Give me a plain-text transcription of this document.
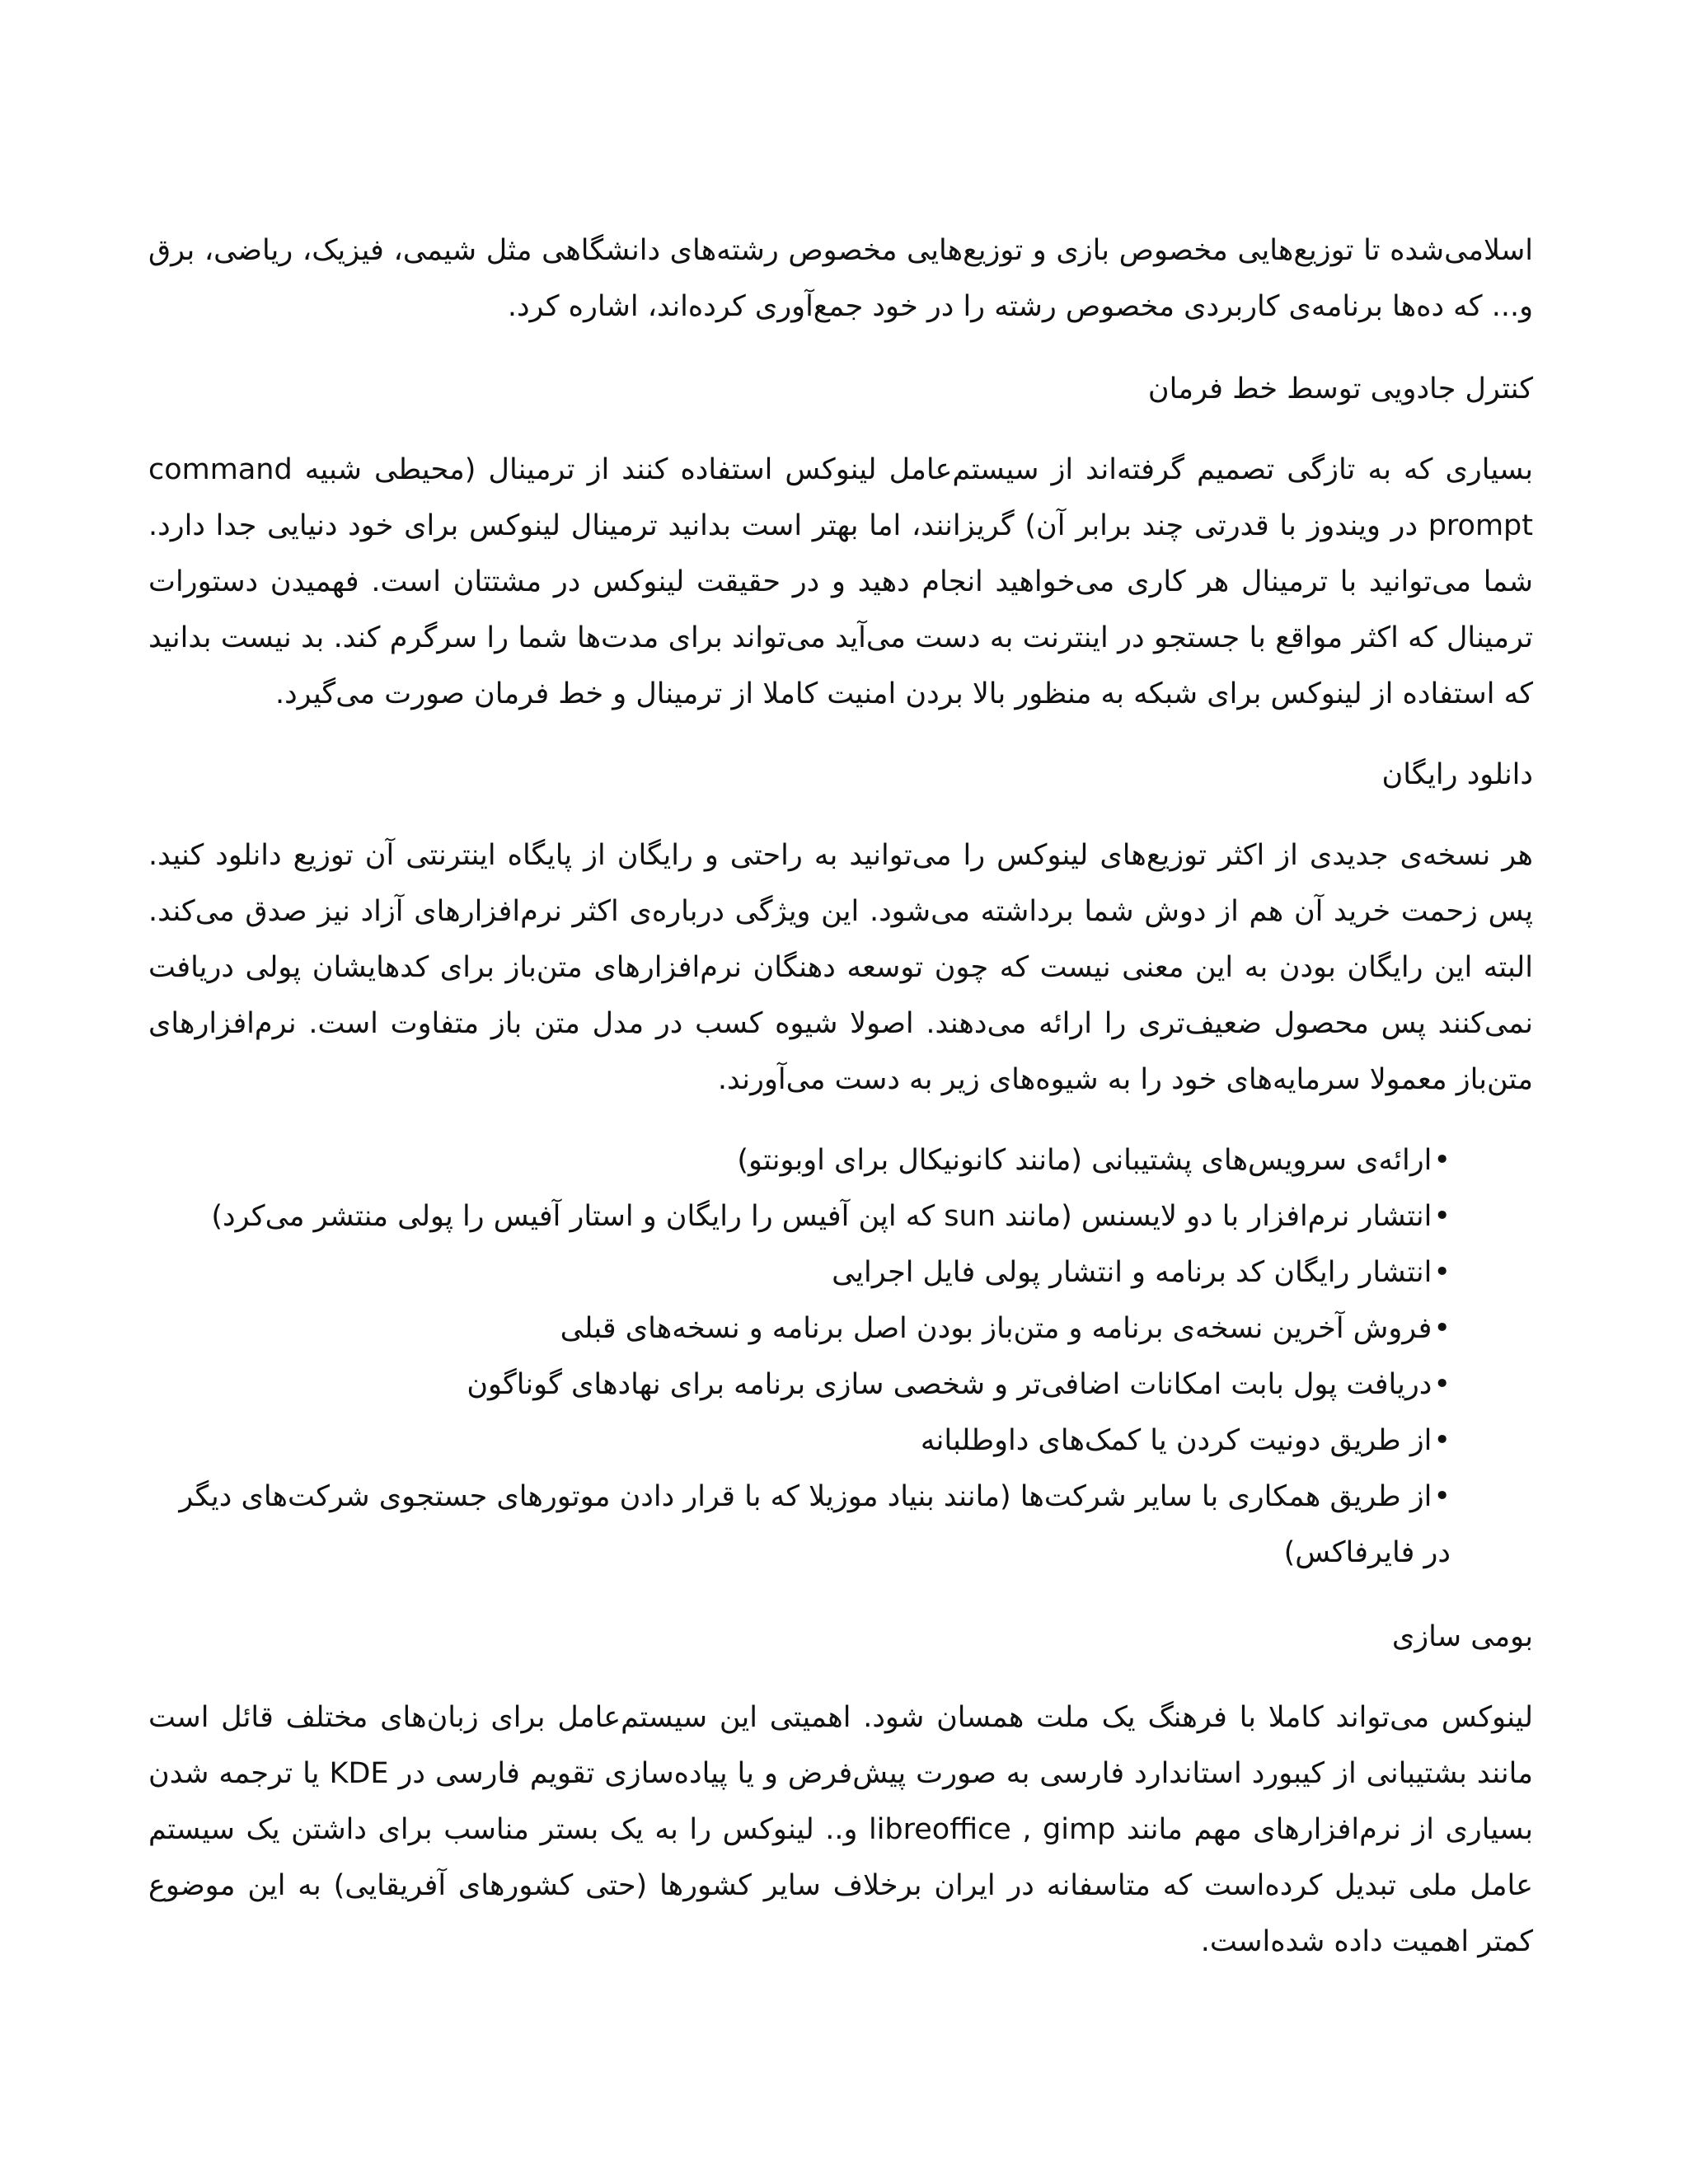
اسلامی‌شده تا توزیع‌هایی مخصوص بازی و توزیع‌هایی مخصوص رشته‌های دانشگاهی مثل شیمی، فیزیک، ریاضی، برق و... که ده‌ها برنامه‌ی کاربردی مخصوص رشته را در خود جمع‌آوری کرده‌اند، اشاره کرد.

کنترل جادویی توسط خط فرمان

بسیاری که به تازگی تصمیم گرفته‌اند از سیستم‌عامل لینوکس استفاده کنند از ترمینال (محیطی شبیه command prompt در ویندوز با قدرتی چند برابر آن) گریزانند، اما بهتر است بدانید ترمینال لینوکس برای خود دنیایی جدا دارد. شما می‌توانید با ترمینال هر کاری می‌خواهید انجام دهید و در حقیقت لینوکس در مشتتان است. فهمیدن دستورات ترمینال که اکثر مواقع با جستجو در اینترنت به دست می‌آید می‌تواند برای مدت‌ها شما را سرگرم کند. بد نیست بدانید که استفاده از لینوکس برای شبکه به منظور بالا بردن امنیت کاملا از ترمینال و خط فرمان صورت می‌گیرد.

دانلود رایگان

هر نسخه‌ی جدیدی از اکثر توزیع‌های لینوکس را می‌توانید به راحتی و رایگان از پایگاه اینترنتی آن توزیع دانلود کنید. پس زحمت خرید آن هم از دوش شما برداشته می‌شود. این ویژگی درباره‌ی اکثر نرم‌افزارهای آزاد نیز صدق می‌کند. البته این رایگان بودن به این معنی نیست که چون توسعه دهنگان نرم‌افزارهای متن‌باز برای کدهایشان پولی دریافت نمی‌کنند پس محصول ضعیف‌تری را ارائه می‌دهند. اصولا شیوه کسب در مدل متن باز متفاوت است. نرم‌افزارهای متن‌باز معمولا سرمایه‌های خود را به شیوه‌های زیر به دست می‌آورند.

•ارائه‌ی سرویس‌های پشتیبانی (مانند کانونیکال برای اوبونتو)
•انتشار نرم‌افزار با دو لایسنس (مانند sun که اپن آفیس را رایگان و استار آفیس را پولی منتشر می‌کرد)
•انتشار رایگان کد برنامه و انتشار پولی فایل اجرایی
•فروش آخرین نسخه‌ی برنامه و متن‌باز بودن اصل برنامه و نسخه‌های قبلی
•دریافت پول بابت امکانات اضافی‌تر و شخصی سازی برنامه برای نهادهای گوناگون
•از طریق دونیت کردن یا کمک‌های داوطلبانه
•از طریق همکاری با سایر شرکت‌ها (مانند بنیاد موزیلا که با قرار دادن موتورهای جستجوی شرکت‌های دیگر در فایرفاکس)
بومی سازی

لینوکس می‌تواند کاملا با فرهنگ یک ملت همسان شود. اهمیتی این سیستم‌عامل برای زبان‌های مختلف قائل است مانند بشتیبانی از کیبورد استاندارد فارسی به صورت پیش‌فرض و یا پیاده‌سازی تقویم فارسی در KDE یا ترجمه شدن بسیاری از نرم‌افزارهای مهم مانند libreoffice , gimp و.. لینوکس را به یک بستر مناسب برای داشتن یک سیستم عامل ملی تبدیل کرده‌است که متاسفانه در ایران برخلاف سایر کشورها (حتی کشورهای آفریقایی) به این موضوع کمتر اهمیت داده شده‌است.
